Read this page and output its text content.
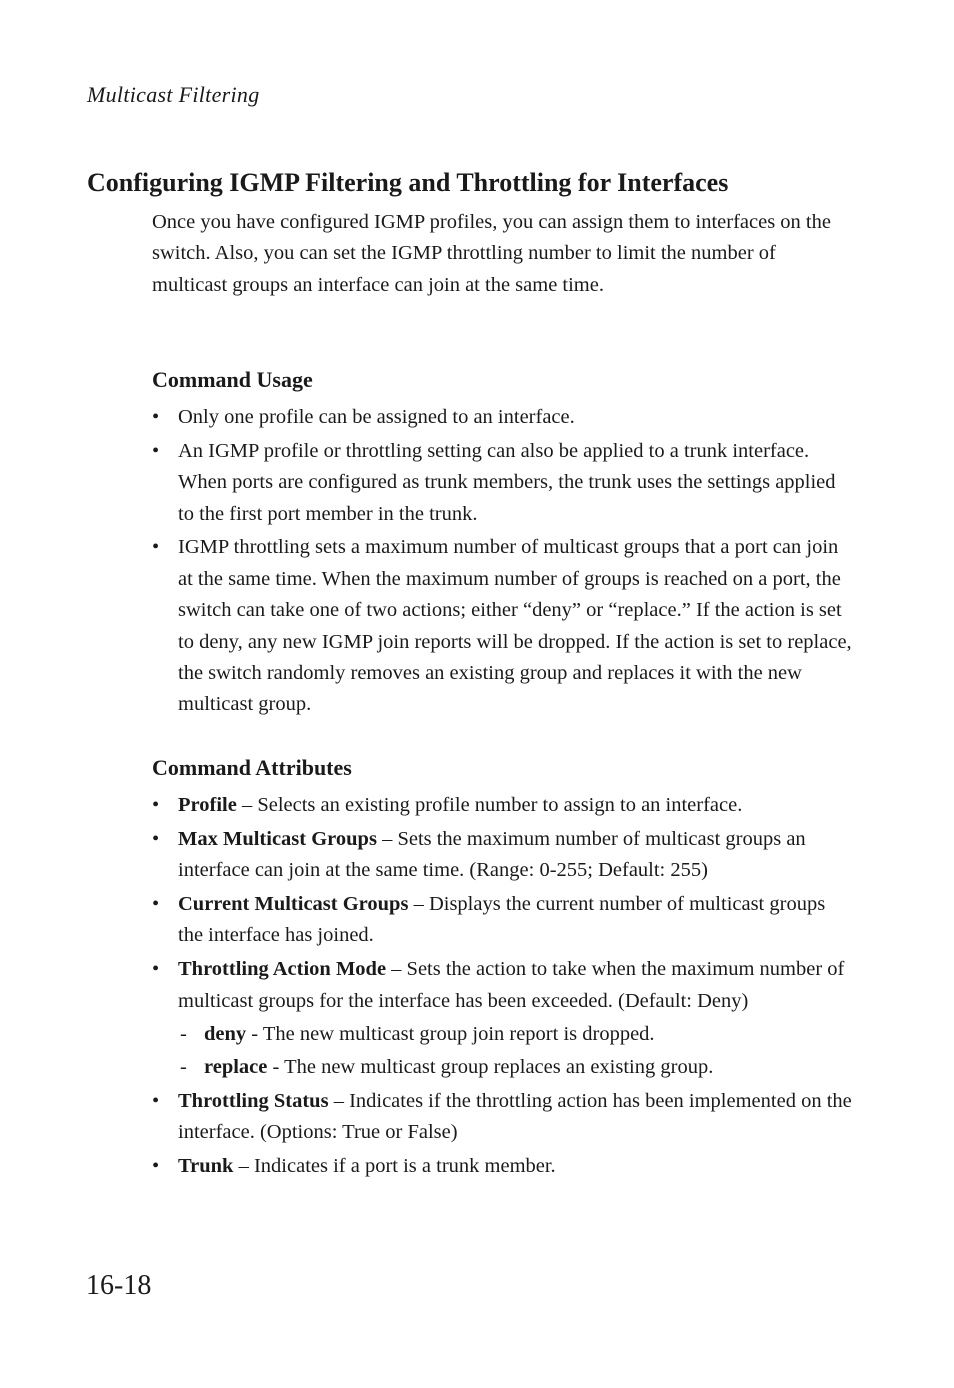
Multicast Filtering
Configuring IGMP Filtering and Throttling for Interfaces

Once you have configured IGMP profiles, you can assign them to interfaces on the switch. Also, you can set the IGMP throttling number to limit the number of multicast groups an interface can join at the same time.

Command Usage
• Only one profile can be assigned to an interface.
• An IGMP profile or throttling setting can also be applied to a trunk interface. When ports are configured as trunk members, the trunk uses the settings applied to the first port member in the trunk.
• IGMP throttling sets a maximum number of multicast groups that a port can join at the same time. When the maximum number of groups is reached on a port, the switch can take one of two actions; either “deny” or “replace.” If the action is set to deny, any new IGMP join reports will be dropped. If the action is set to replace, the switch randomly removes an existing group and replaces it with the new multicast group.
Command Attributes
• Profile – Selects an existing profile number to assign to an interface.
• Max Multicast Groups – Sets the maximum number of multicast groups an interface can join at the same time. (Range: 0-255; Default: 255)
• Current Multicast Groups – Displays the current number of multicast groups the interface has joined.
• Throttling Action Mode – Sets the action to take when the maximum number of multicast groups for the interface has been exceeded. (Default: Deny)
- deny - The new multicast group join report is dropped.
- replace - The new multicast group replaces an existing group.
• Throttling Status – Indicates if the throttling action has been implemented on the interface. (Options: True or False)
• Trunk – Indicates if a port is a trunk member.
16-18
